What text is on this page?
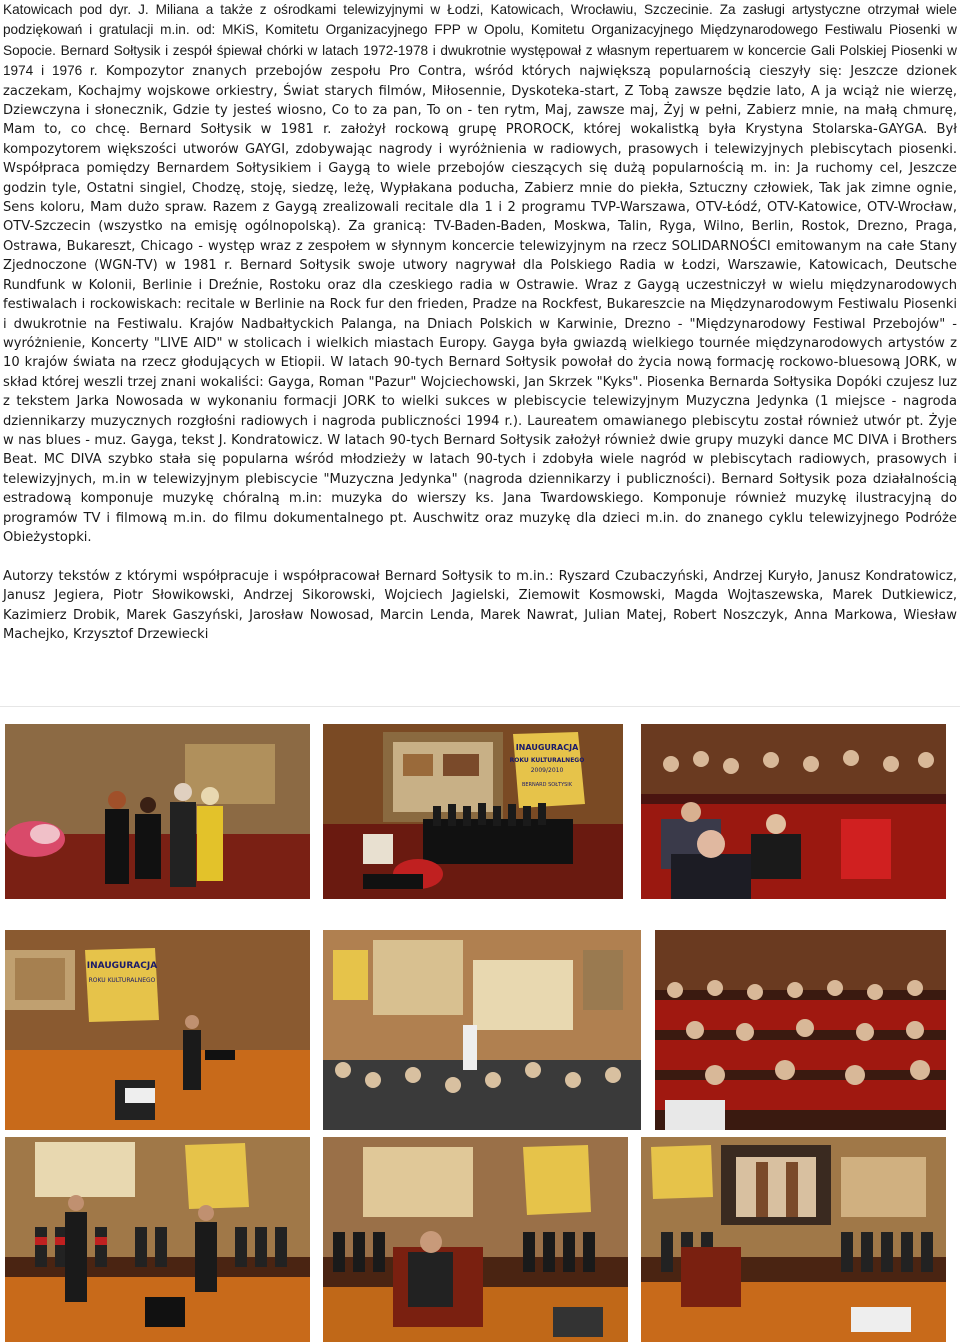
Katowicach pod dyr. J. Miliana a także z ośrodkami telewizyjnymi w Łodzi, Katowicach, Wrocławiu, Szczecinie. Za zasługi artystyczne otrzymał wiele podziękowań i gratulacji m.in. od: MKiS, Komitetu Organizacyjnego FPP w Opolu, Komitetu Organizacyjnego Międzynarodowego Festiwalu Piosenki w Sopocie. Bernard Sołtysik i zespół śpiewał chórki w latach 1972-1978 i dwukrotnie występował z własnym repertuarem w koncercie Gali Polskiej Piosenki w 1974 i 1976 r. Kompozytor znanych przebojów zespołu Pro Contra, wśród których największą popularnością cieszyły się: Jeszcze dzionek zaczekam, Kochajmy wojskowe orkiestry, Świat starych filmów, Miłosennie, Dyskoteka-start, Z Tobą zawsze będzie lato, A ja wciąż nie wierzę, Dziewczyna i słonecznik, Gdzie ty jesteś wiosno, Co to za pan, To on - ten rytm, Maj, zawsze maj, Żyj w pełni, Zabierz mnie, na małą chmurę, Mam to, co chcę. Bernard Sołtysik w 1981 r. założył rockową grupę PROROCK, której wokalistką była Krystyna Stolarska-GAYGA. Był kompozytorem większości utworów GAYGI, zdobywając nagrody i wyróżnienia w radiowych, prasowych i telewizyjnych plebiscytach piosenki. Współpraca pomiędzy Bernardem Sołtysikiem i Gaygą to wiele przebojów cieszących się dużą popularnością m. in: Ja ruchomy cel, Jeszcze godzin tyle, Ostatni singiel, Chodzę, stoję, siedzę, leżę, Wypłakana poducha, Zabierz mnie do piekła, Sztuczny człowiek, Tak jak zimne ognie, Sens koloru, Mam dużo spraw. Razem z Gaygą zrealizowali recitale dla 1 i 2 programu TVP-Warszawa, OTV-Łódź, OTV-Katowice, OTV-Wrocław, OTV-Szczecin (wszystko na emisję ogólnopolską). Za granicą: TV-Baden-Baden, Moskwa, Talin, Ryga, Wilno, Berlin, Rostok, Drezno, Praga, Ostrawa, Bukareszt, Chicago - występ wraz z zespołem w słynnym koncercie telewizyjnym na rzecz SOLIDARNOŚCI emitowanym na całe Stany Zjednoczone (WGN-TV) w 1981 r. Bernard Sołtysik swoje utwory nagrywał dla Polskiego Radia w Łodzi, Warszawie, Katowicach, Deutsche Rundfunk w Kolonii, Berlinie i Dreźnie, Rostoku oraz dla czeskiego radia w Ostrawie. Wraz z Gaygą uczestniczył w wielu międzynarodowych festiwalach i rockowiskach: recitale w Berlinie na Rock fur den frieden, Pradze na Rockfest, Bukareszcie na Międzynarodowym Festiwalu Piosenki i dwukrotnie na Festiwalu. Krajów Nadbałtyckich Palanga, na Dniach Polskich w Karwinie, Drezno - "Międzynarodowy Festiwal Przebojów" - wyróżnienie, Koncerty "LIVE AID" w stolicach i wielkich miastach Europy. Gayga była gwiazdą wielkiego tournée międzynarodowych artystów z 10 krajów świata na rzecz głodujących w Etiopii. W latach 90-tych Bernard Sołtysik powołał do życia nową formację rockowo-bluesową JORK, w skład której weszli trzej znani wokaliści: Gayga, Roman "Pazur" Wojciechowski, Jan Skrzek "Kyks". Piosenka Bernarda Sołtysika Dopóki czujesz luz z tekstem Jarka Nowosada w wykonaniu formacji JORK to wielki sukces w plebiscycie telewizyjnym Muzyczna Jedynka (1 miejsce - nagroda dziennikarzy muzycznych rozgłośni radiowych i nagroda publiczności 1994 r.). Laureatem omawianego plebiscytu został również utwór pt. Żyje w nas blues - muz. Gayga, tekst J. Kondratowicz. W latach 90-tych Bernard Sołtysik założył również dwie grupy muzyki dance MC DIVA i Brothers Beat. MC DIVA szybko stała się popularna wśród młodzieży w latach 90-tych i zdobyła wiele nagród w plebiscytach radiowych, prasowych i telewizyjnych, m.in w telewizyjnym plebiscycie "Muzyczna Jedynka" (nagroda dziennikarzy i publiczności). Bernard Sołtysik poza działalnością estradową komponuje muzykę chóralną m.in: muzyka do wierszy ks. Jana Twardowskiego. Komponuje również muzykę ilustracyjną do programów TV i filmową m.in. do filmu dokumentalnego pt. Auschwitz oraz muzykę dla dzieci m.in. do znanego cyklu telewizyjnego Podróże Obieżystopki.

Autorzy tekstów z którymi współpracuje i współpracował Bernard Sołtysik to m.in.: Ryszard Czubaczyński, Andrzej Kuryło, Janusz Kondratowicz, Janusz Jegiera, Piotr Słowikowski, Andrzej Sikorowski, Wojciech Jagielski, Ziemowit Kosmowski, Magda Wojtaszewska, Marek Dutkiewicz, Kazimierz Drobik, Marek Gaszyński, Jarosław Nowosad, Marcin Lenda, Marek Nawrat, Julian Matej, Robert Noszczyk, Anna Markowa, Wiesław Machejko, Krzysztof Drzewiecki

INAUGURACJA
ROKU KULTURALNEGO
2009/2010
BERNARD SOŁTYSIK
INAUGURACJA
ROKU KULTURALNEGO
